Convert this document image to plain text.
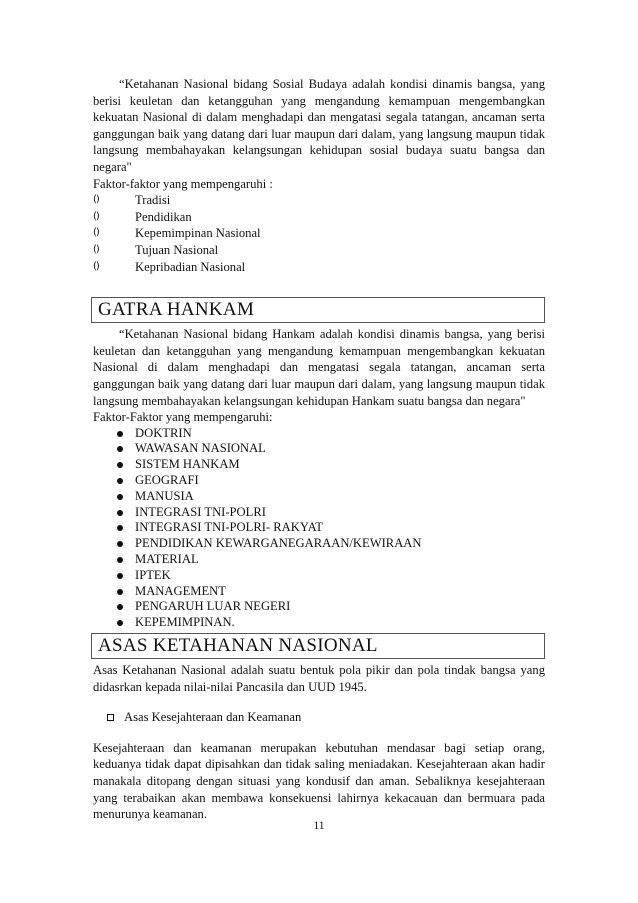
“Ketahanan Nasional bidang Sosial Budaya adalah kondisi dinamis bangsa, yang berisi keuletan dan ketangguhan yang mengandung kemampuan mengembangkan kekuatan Nasional di dalam menghadapi dan mengatasi segala tatangan, ancaman serta ganggungan baik yang datang dari luar maupun dari dalam, yang langsung maupun tidak langsung membahayakan kelangsungan kehidupan sosial budaya suatu bangsa dan negara"

Faktor-faktor yang mempengaruhi :
()	Tradisi
()	Pendidikan
()	Kepemimpinan Nasional
()	Tujuan Nasional
()	Kepribadian Nasional
GATRA HANKAM

“Ketahanan Nasional bidang Hankam adalah kondisi dinamis bangsa, yang berisi keuletan dan ketangguhan yang mengandung kemampuan mengembangkan kekuatan Nasional di dalam menghadapi dan mengatasi segala tatangan, ancaman serta ganggungan baik yang datang dari luar maupun dari dalam, yang langsung maupun tidak langsung membahayakan kelangsungan kehidupan Hankam suatu bangsa dan negara"

Faktor-Faktor yang mempengaruhi:
DOKTRIN
WAWASAN NASIONAL
SISTEM HANKAM
GEOGRAFI
MANUSIA
INTEGRASI TNI-POLRI
INTEGRASI TNI-POLRI- RAKYAT
PENDIDIKAN KEWARGANEGARAAN/KEWIRAAN
MATERIAL
IPTEK
MANAGEMENT
PENGARUH LUAR NEGERI
KEPEMIMPINAN.
ASAS KETAHANAN NASIONAL

Asas Ketahanan Nasional adalah suatu bentuk pola pikir dan pola tindak bangsa yang didasrkan kepada nilai-nilai Pancasila dan UUD 1945.

Asas Kesejahteraan dan Keamanan

Kesejahteraan dan keamanan merupakan kebutuhan mendasar bagi setiap orang, keduanya tidak dapat dipisahkan dan tidak saling meniadakan. Kesejahteraan akan hadir manakala ditopang dengan situasi yang kondusif dan aman. Sebaliknya kesejahteraan yang terabaikan akan membawa konsekuensi lahirnya kekacauan dan bermuara pada menurunya keamanan.

11
